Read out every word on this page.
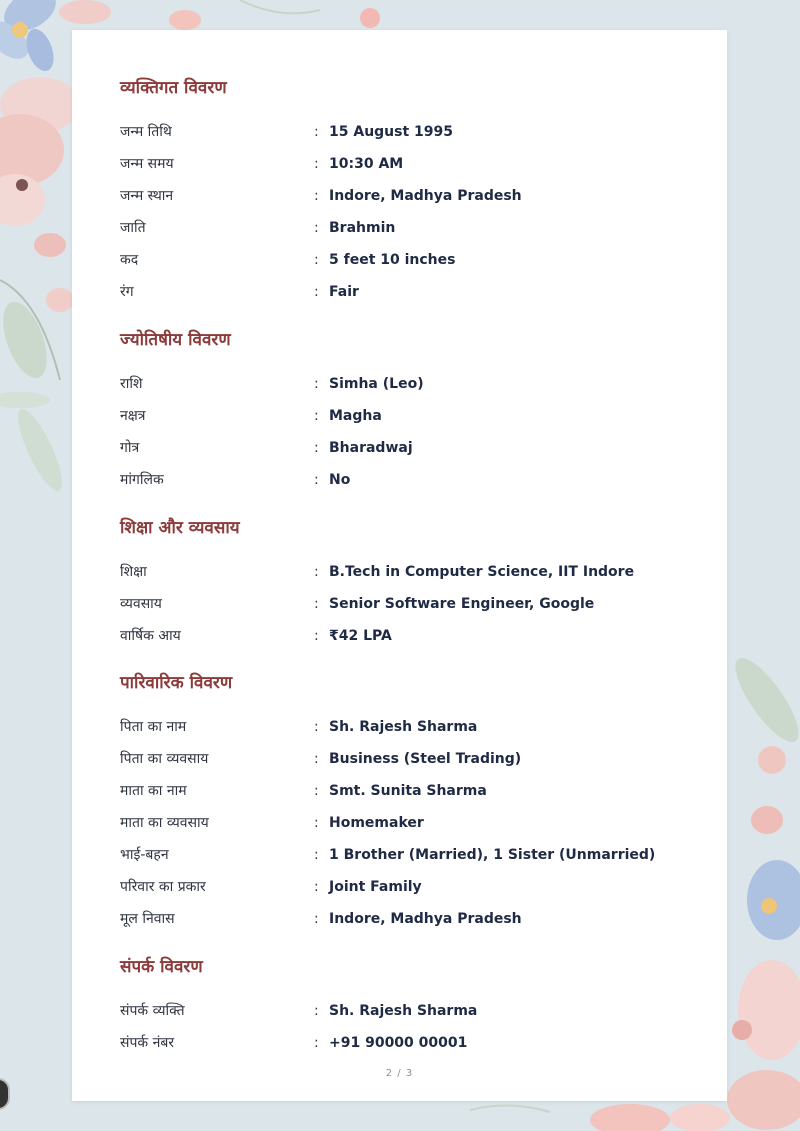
व्यक्तिगत विवरण
जन्म तिथि	: 15 August 1995
जन्म समय	: 10:30 AM
जन्म स्थान	: Indore, Madhya Pradesh
जाति	: Brahmin
कद	: 5 feet 10 inches
रंग	: Fair
ज्योतिषीय विवरण
राशि	: Simha (Leo)
नक्षत्र	: Magha
गोत्र	: Bharadwaj
मांगलिक	: No
शिक्षा और व्यवसाय
शिक्षा	: B.Tech in Computer Science, IIT Indore
व्यवसाय	: Senior Software Engineer, Google
वार्षिक आय	: ₹42 LPA
पारिवारिक विवरण
पिता का नाम	: Sh. Rajesh Sharma
पिता का व्यवसाय	: Business (Steel Trading)
माता का नाम	: Smt. Sunita Sharma
माता का व्यवसाय	: Homemaker
भाई-बहन	: 1 Brother (Married), 1 Sister (Unmarried)
परिवार का प्रकार	: Joint Family
मूल निवास	: Indore, Madhya Pradesh
संपर्क विवरण
संपर्क व्यक्ति	: Sh. Rajesh Sharma
संपर्क नंबर	: +91 90000 00001
2 / 3
